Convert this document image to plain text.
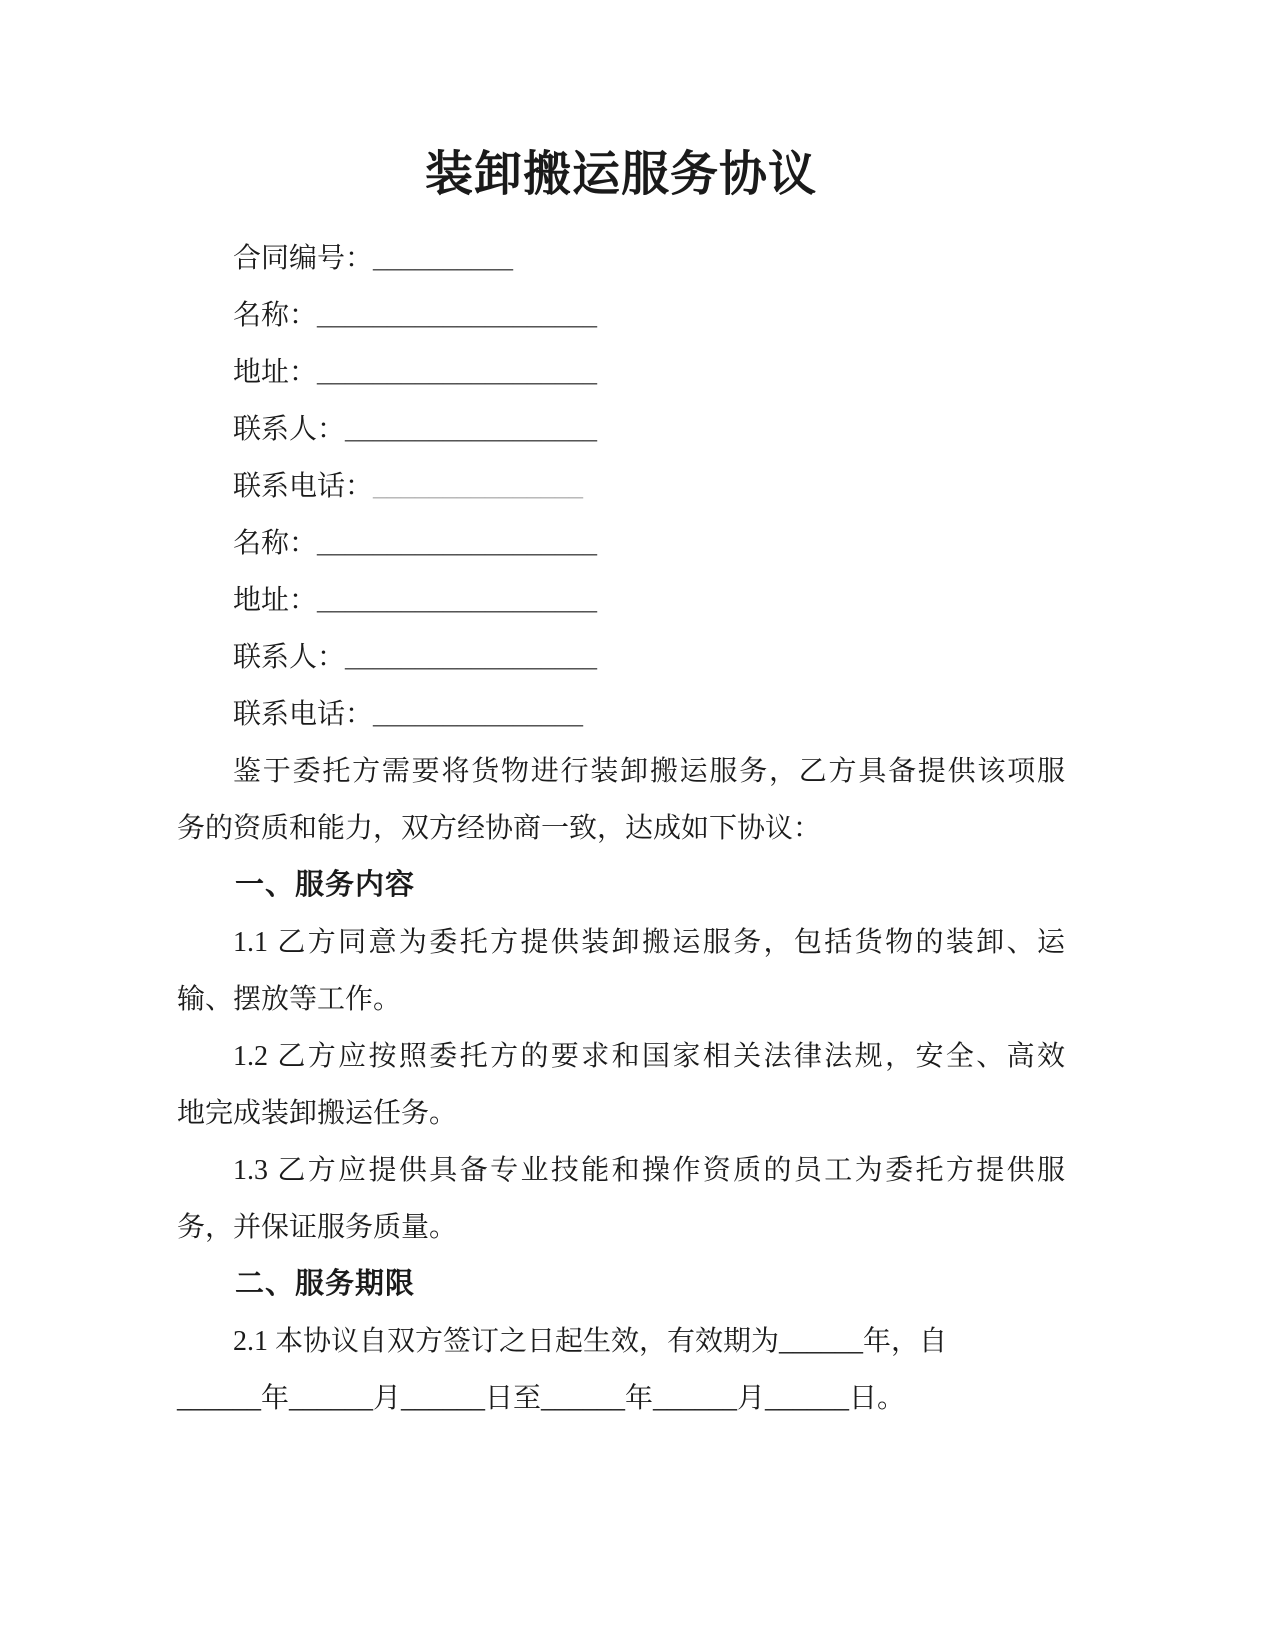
装卸搬运服务协议
合同编号：__________
名称：____________________
地址：____________________
联系人：__________________
联系电话：_______________
名称：____________________
地址：____________________
联系人：__________________
联系电话：_______________
鉴于委托方需要将货物进行装卸搬运服务，乙方具备提供该项服
务的资质和能力，双方经协商一致，达成如下协议：
一、服务内容
1.1 乙方同意为委托方提供装卸搬运服务，包括货物的装卸、运
输、摆放等工作。
1.2 乙方应按照委托方的要求和国家相关法律法规，安全、高效
地完成装卸搬运任务。
1.3 乙方应提供具备专业技能和操作资质的员工为委托方提供服
务，并保证服务质量。
二、服务期限
2.1 本协议自双方签订之日起生效，有效期为______年，自
______年______月______日至______年______月______日。
